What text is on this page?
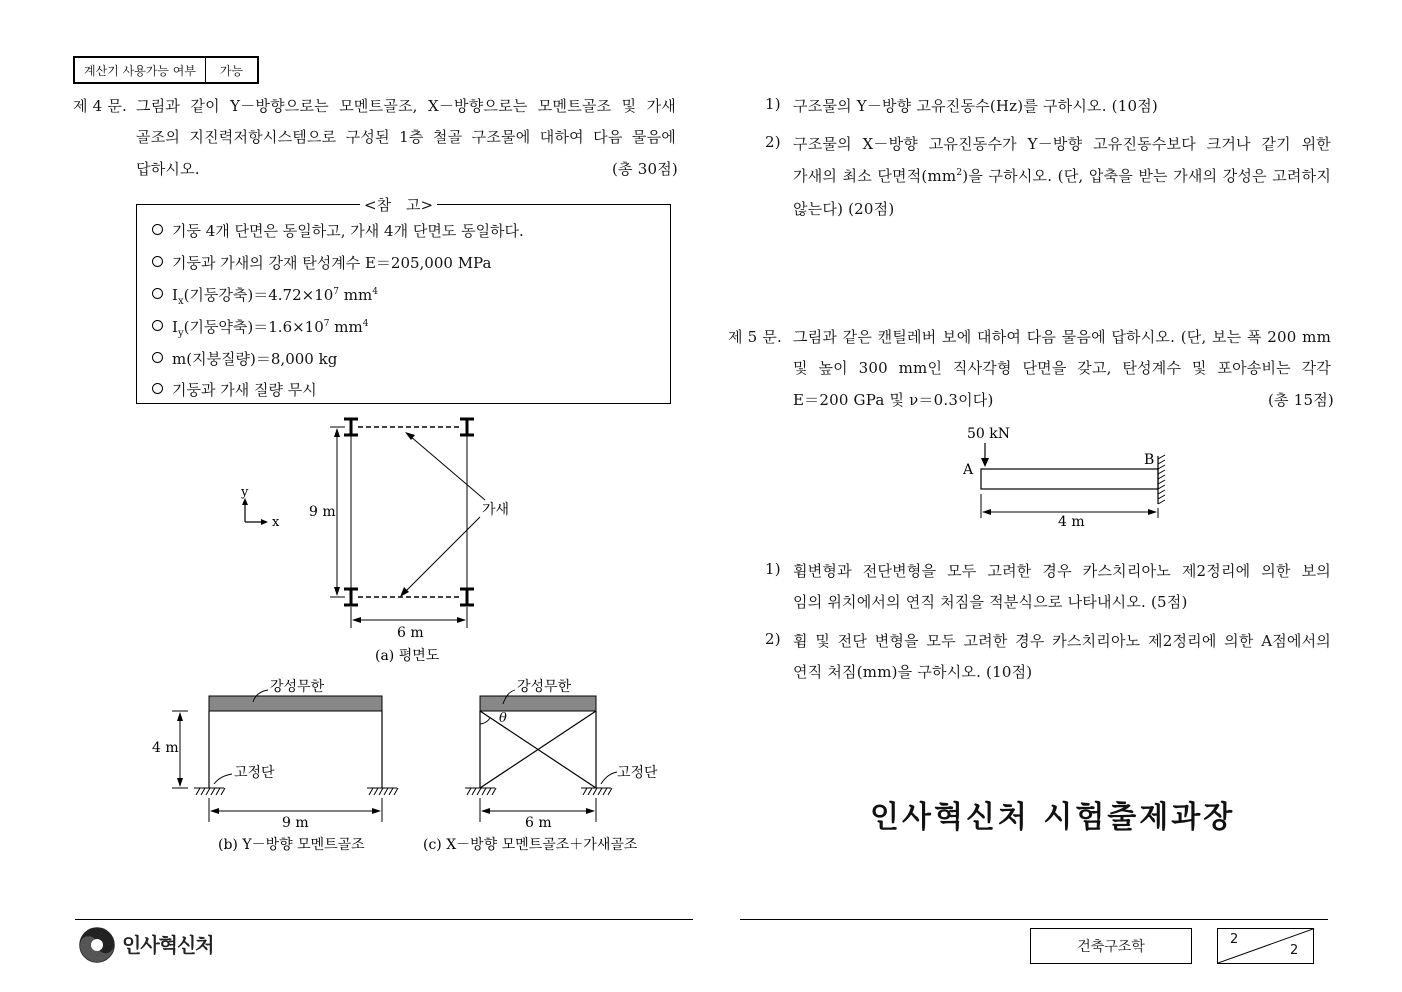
계산기 사용가능 여부	가능
제 4 문. 그림과 같이 Y－방향으로는 모멘트골조, X－방향으로는 모멘트골조 및 가새
골조의 지진력저항시스템으로 구성된 1층 철골 구조물에 대하여 다음 물음에
답하시오.	(총 30점)
<참　고>
기둥 4개 단면은 동일하고, 가새 4개 단면도 동일하다.
기둥과 가새의 강재 탄성계수 E＝205,000 MPa
$I_x$(기둥강축)$=4.72\times 10^7$ $mm^4$
$I_y$(기둥약축)$=1.6\times 10^7$ $mm^4$
m(지붕질량)＝8,000 kg
기둥과 가새 질량 무시
9 m
6 m
y
x
가새
(a) 평면도
4 m
9 m
강성무한
고정단
(b) Y－방향 모멘트골조
θ
6 m
강성무한
고정단
(c) X－방향 모멘트골조＋가새골조
1) 구조물의 Y－방향 고유진동수(Hz)를 구하시오. (10점)
2) 구조물의 X－방향 고유진동수가 Y－방향 고유진동수보다 크거나 같기 위한
가새의 최소 단면적$(mm^2)$을 구하시오. (단, 압축을 받는 가새의 강성은 고려하지
않는다) (20점)
제 5 문. 그림과 같은 캔틸레버 보에 대하여 다음 물음에 답하시오. (단, 보는 폭 200 mm
및 높이 300 mm인 직사각형 단면을 갖고, 탄성계수 및 포아송비는 각각
E＝200 GPa 및 ν＝0.3이다)	(총 15점)
50 kN
A
B
4 m
1) 휨변형과 전단변형을 모두 고려한 경우 카스치리아노 제2정리에 의한 보의
임의 위치에서의 연직 처짐을 적분식으로 나타내시오. (5점)
2) 휨 및 전단 변형을 모두 고려한 경우 카스치리아노 제2정리에 의한 A점에서의
연직 처짐(mm)을 구하시오. (10점)
인사혁신처 시험출제과장
인사혁신처	건축구조학	2
2
